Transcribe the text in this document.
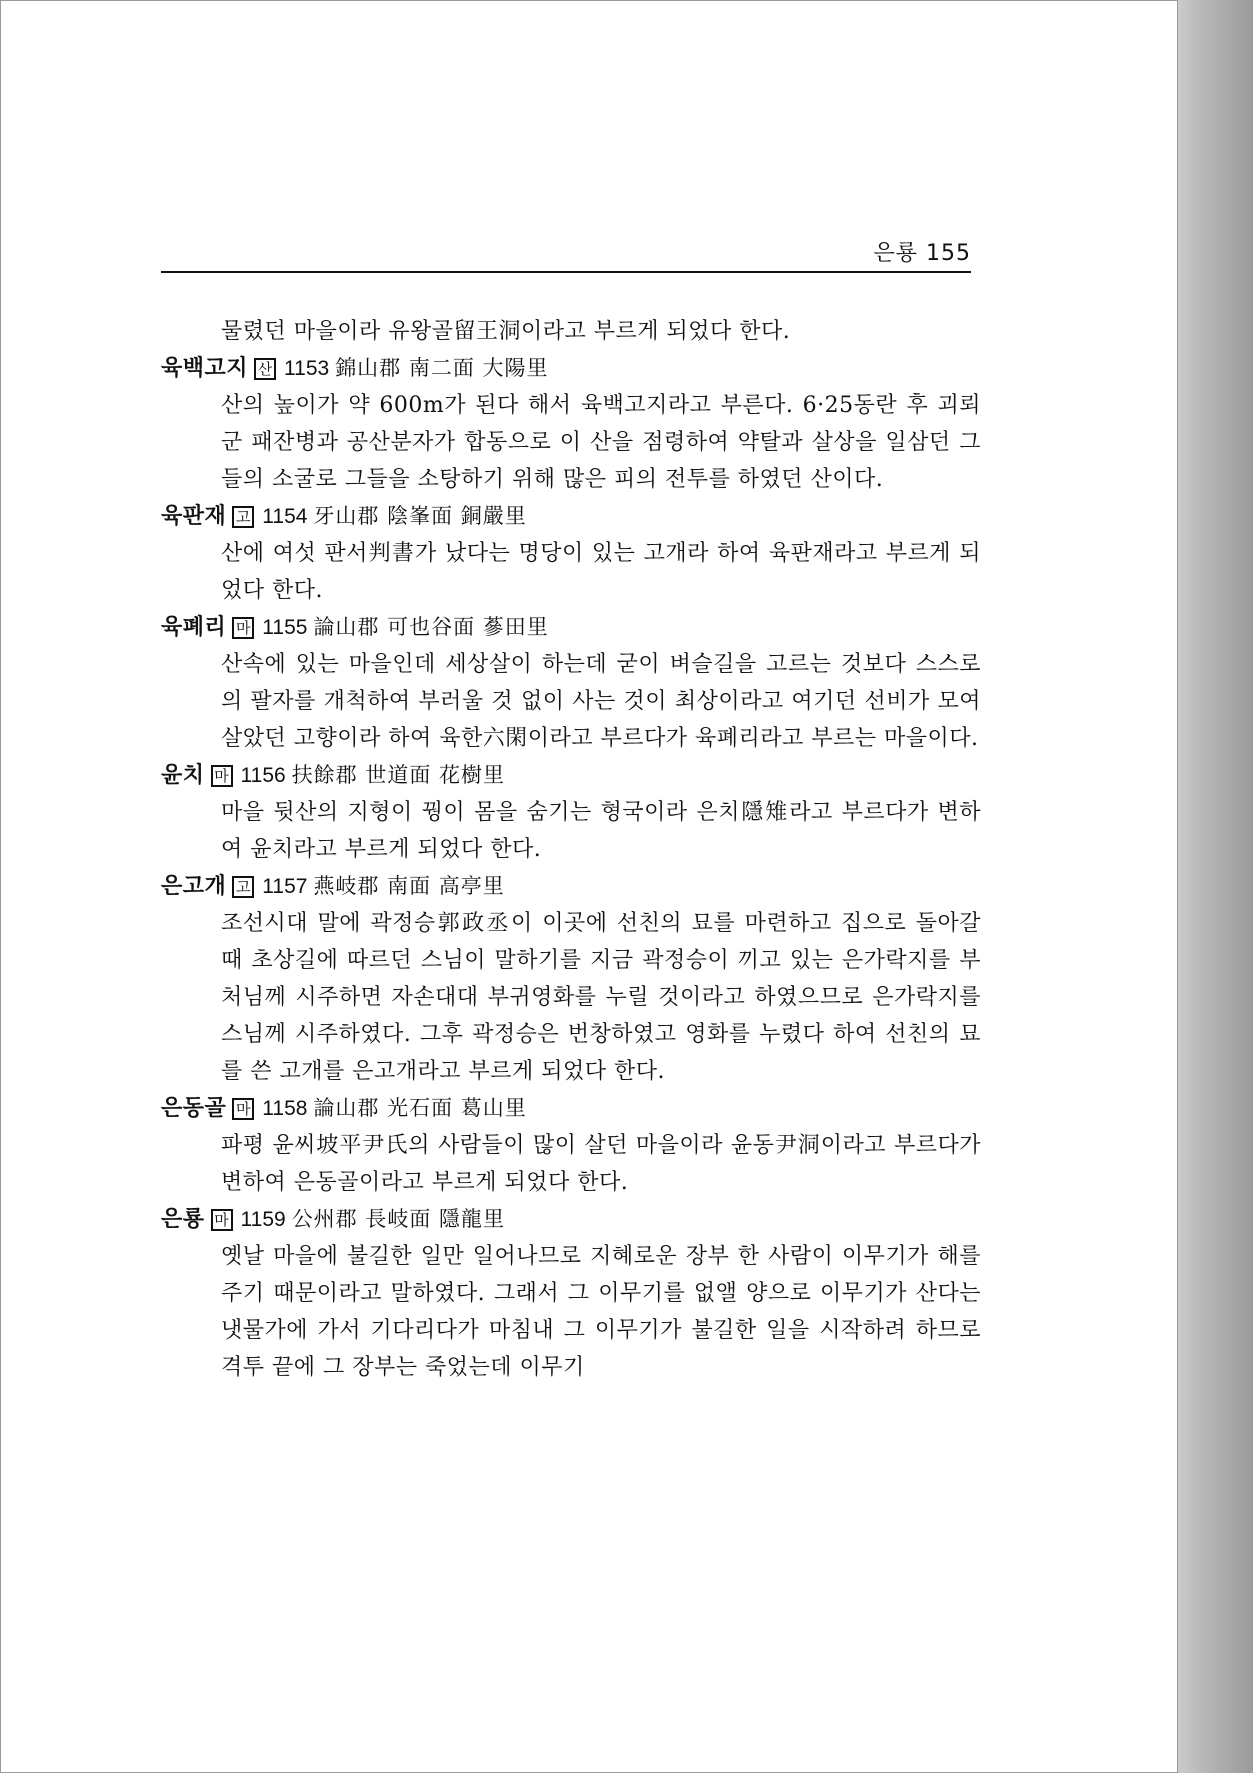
은룡 155

물렸던 마을이라 유왕골留王洞이라고 부르게 되었다 한다.

육백고지 산 1153 錦山郡 南二面 大陽里

산의 높이가 약 600m가 된다 해서 육백고지라고 부른다. 6·25동란 후 괴뢰군 패잔병과 공산분자가 합동으로 이 산을 점령하여 약탈과 살상을 일삼던 그들의 소굴로 그들을 소탕하기 위해 많은 피의 전투를 하였던 산이다.

육판재 고 1154 牙山郡 陰峯面 銅嚴里

산에 여섯 판서判書가 났다는 명당이 있는 고개라 하여 육판재라고 부르게 되었다 한다.

육폐리 마 1155 論山郡 可也谷面 蔘田里

산속에 있는 마을인데 세상살이 하는데 굳이 벼슬길을 고르는 것보다 스스로의 팔자를 개척하여 부러울 것 없이 사는 것이 최상이라고 여기던 선비가 모여 살았던 고향이라 하여 육한六閑이라고 부르다가 육폐리라고 부르는 마을이다.

윤치 마 1156 扶餘郡 世道面 花樹里

마을 뒷산의 지형이 꿩이 몸을 숨기는 형국이라 은치隱雉라고 부르다가 변하여 윤치라고 부르게 되었다 한다.

은고개 고 1157 燕岐郡 南面 高亭里

조선시대 말에 곽정승郭政丞이 이곳에 선친의 묘를 마련하고 집으로 돌아갈 때 초상길에 따르던 스님이 말하기를 지금 곽정승이 끼고 있는 은가락지를 부처님께 시주하면 자손대대 부귀영화를 누릴 것이라고 하였으므로 은가락지를 스님께 시주하였다. 그후 곽정승은 번창하였고 영화를 누렸다 하여 선친의 묘를 쓴 고개를 은고개라고 부르게 되었다 한다.

은동골 마 1158 論山郡 光石面 葛山里

파평 윤씨坡平尹氏의 사람들이 많이 살던 마을이라 윤동尹洞이라고 부르다가 변하여 은동골이라고 부르게 되었다 한다.

은룡 마 1159 公州郡 長岐面 隱龍里

옛날 마을에 불길한 일만 일어나므로 지혜로운 장부 한 사람이 이무기가 해를 주기 때문이라고 말하였다. 그래서 그 이무기를 없앨 양으로 이무기가 산다는 냇물가에 가서 기다리다가 마침내 그 이무기가 불길한 일을 시작하려 하므로 격투 끝에 그 장부는 죽었는데 이무기
